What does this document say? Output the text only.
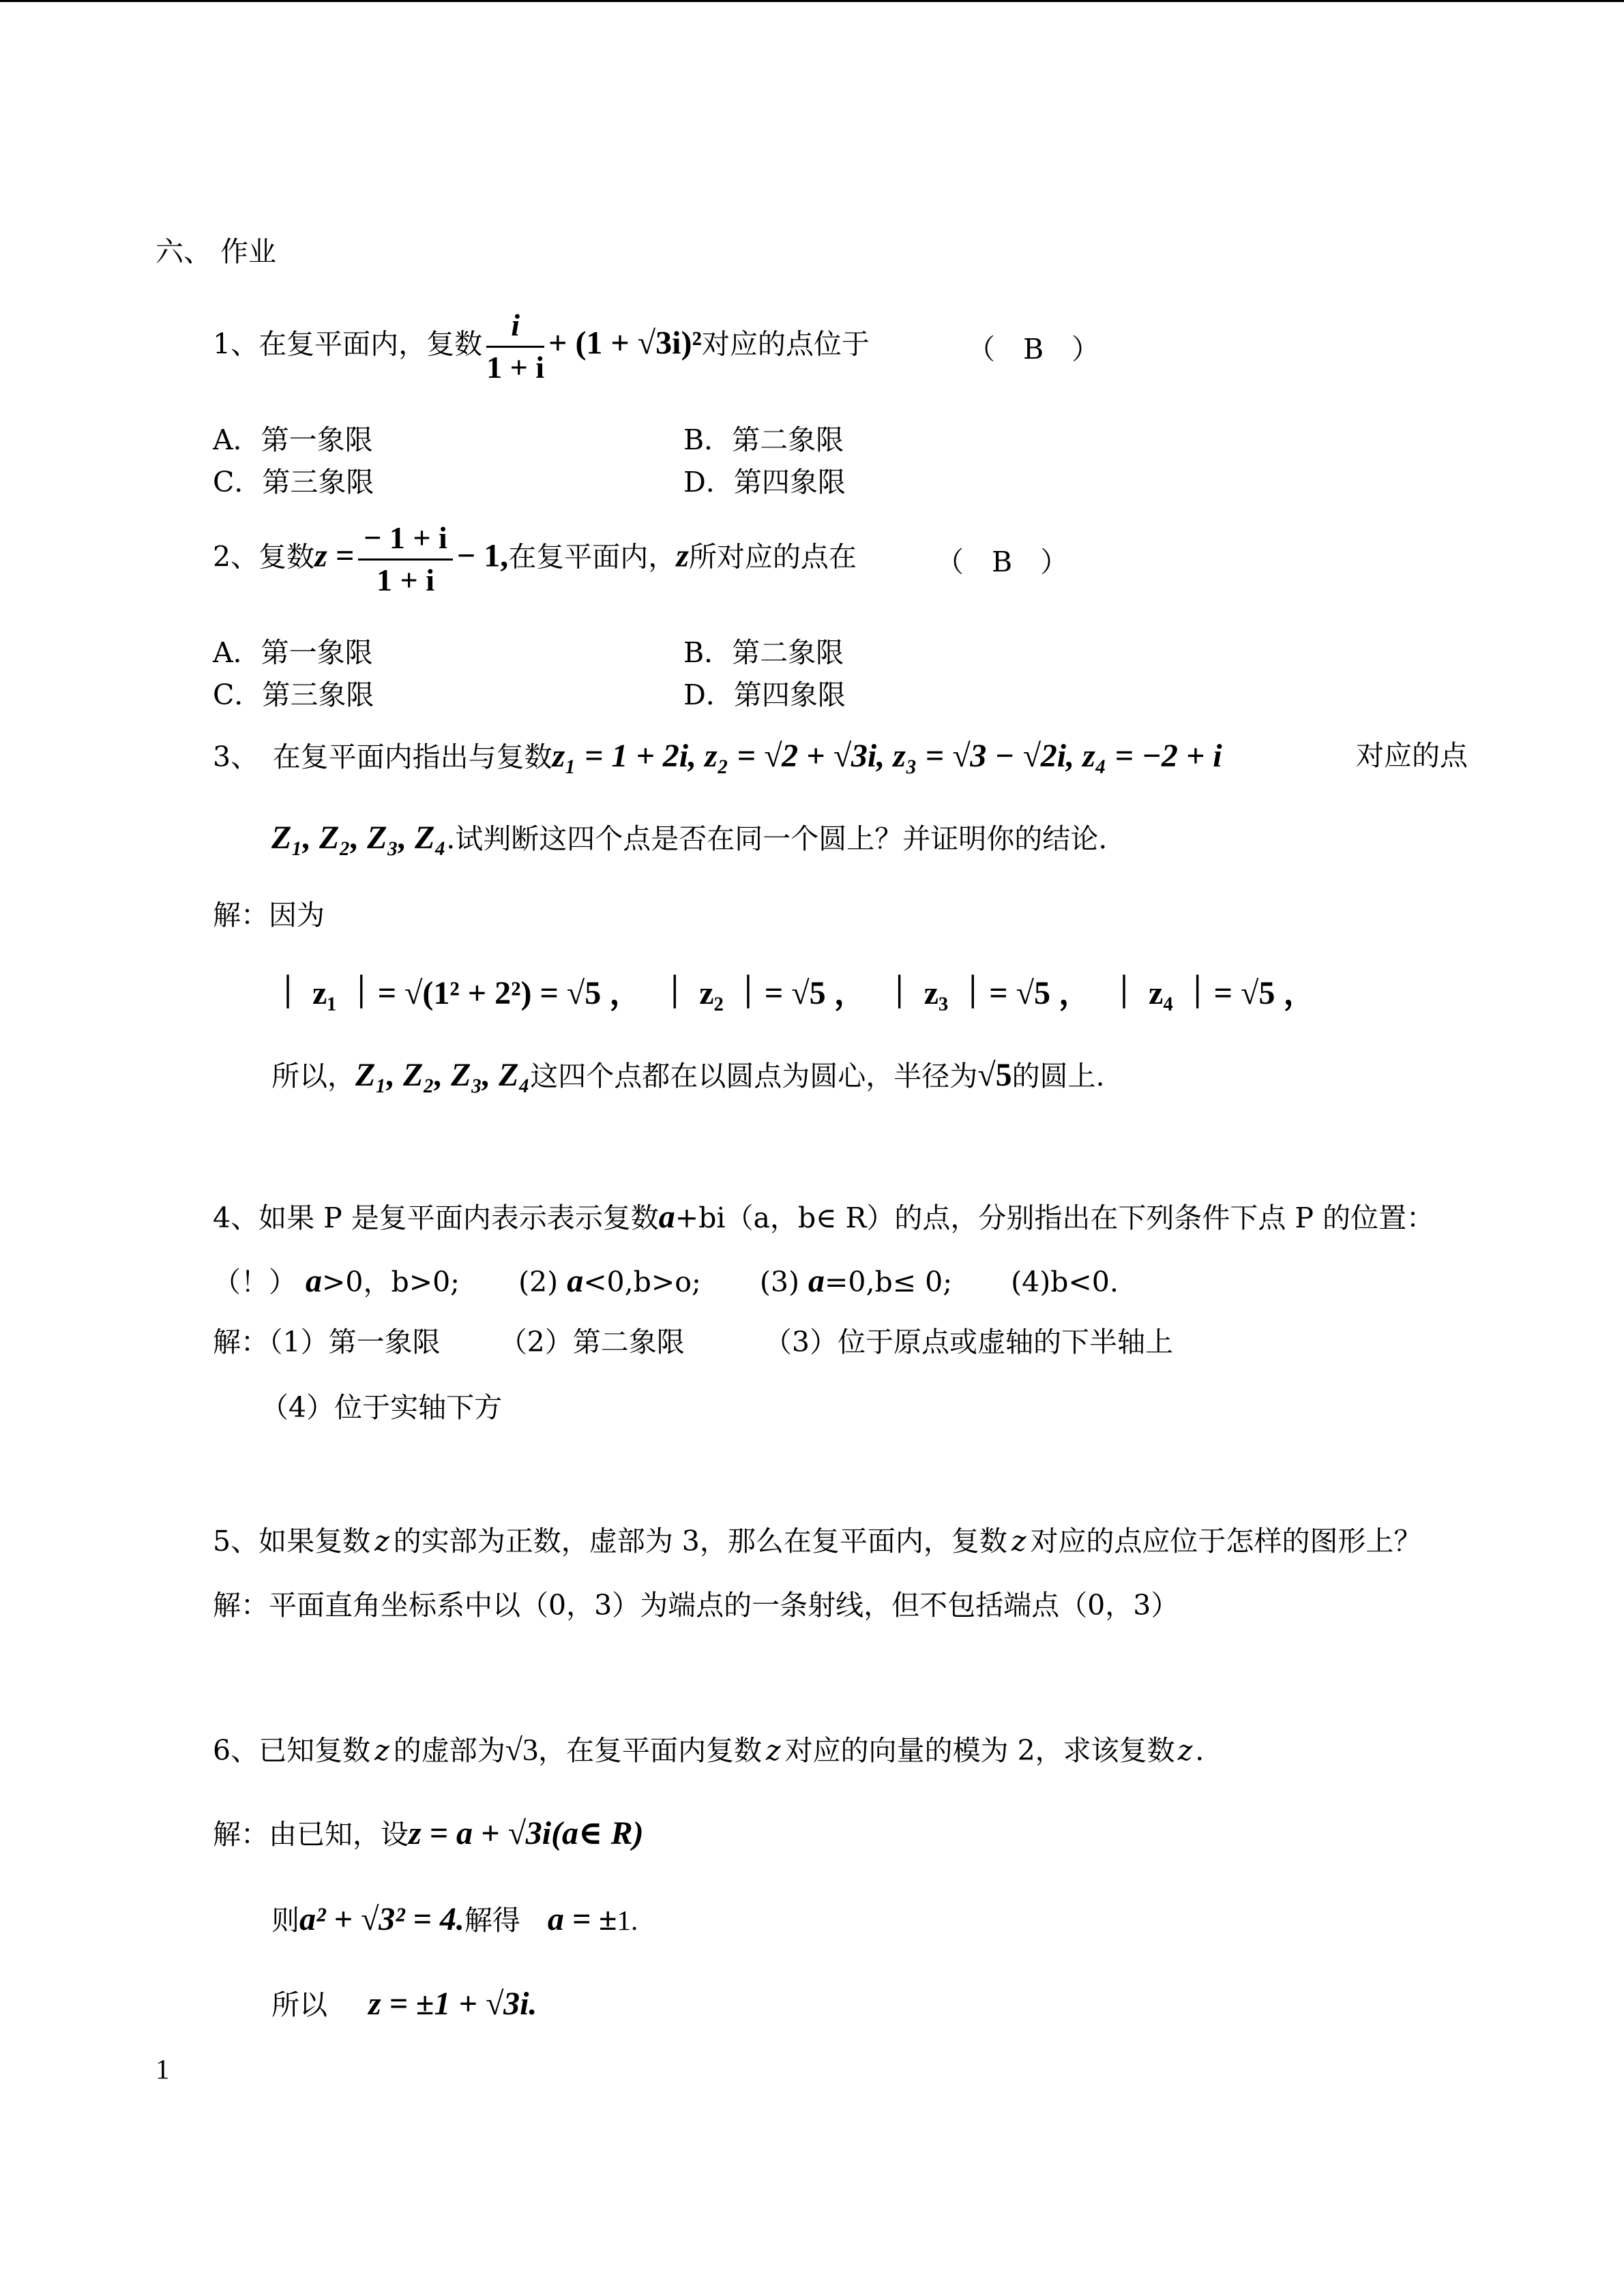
六、 作业
1、在复平面内，复数 $\frac{i}{1 + i} + (1 + √3i)^2$对应的点位于	（　B　）
A．第一象限	B．第二象限
C．第三象限	D．第四象限
2、复数$z = \frac{- 1 + i}{1 + i} - 1$,在复平面内，z所对应的点在	（　B　）
A．第一象限	B．第二象限
C．第三象限	D．第四象限
3、　在复平面内指出与复数z₁ = 1 + 2i, z₂ = √2 + √3i, z₃ = √3 − √2i, z₄ = −2 + i	对应的点
Z₁, Z₂, Z₃, Z₄.试判断这四个点是否在同一个圆上？并证明你的结论.
解：因为
｜ z₁ ｜= √(1² + 2²) = √5 ，　｜ z₂ ｜= √5 ，　｜ z₃ ｜= √5 ，　｜ z₄ ｜= √5 ，
所以，Z₁, Z₂, Z₃, Z₄这四个点都在以圆点为圆心，半径为√5的圆上.
4、如果 P 是复平面内表示表示复数a+bi（a，b∈ R）的点，分别指出在下列条件下点 P 的位置：
（！） a>0，b>0; (2) a<0,b>o; (3) a=0,b≤ 0; (4)b<0.
解：（1）第一象限 （2）第二象限	（3）位于原点或虚轴的下半轴上
（4）位于实轴下方
5、如果复数 z 的实部为正数，虚部为 3，那么在复平面内，复数 z 对应的点应位于怎样的图形上？
解：平面直角坐标系中以（0，3）为端点的一条射线，但不包括端点（0，3）
6、已知复数 z 的虚部为√3，在复平面内复数 z 对应的向量的模为 2，求该复数z.
解：由已知，设z = a + √3i(a∈ R)
则a² + √3² = 4.解得 a = ±1.
所以 z = ±1 + √3i.
1
